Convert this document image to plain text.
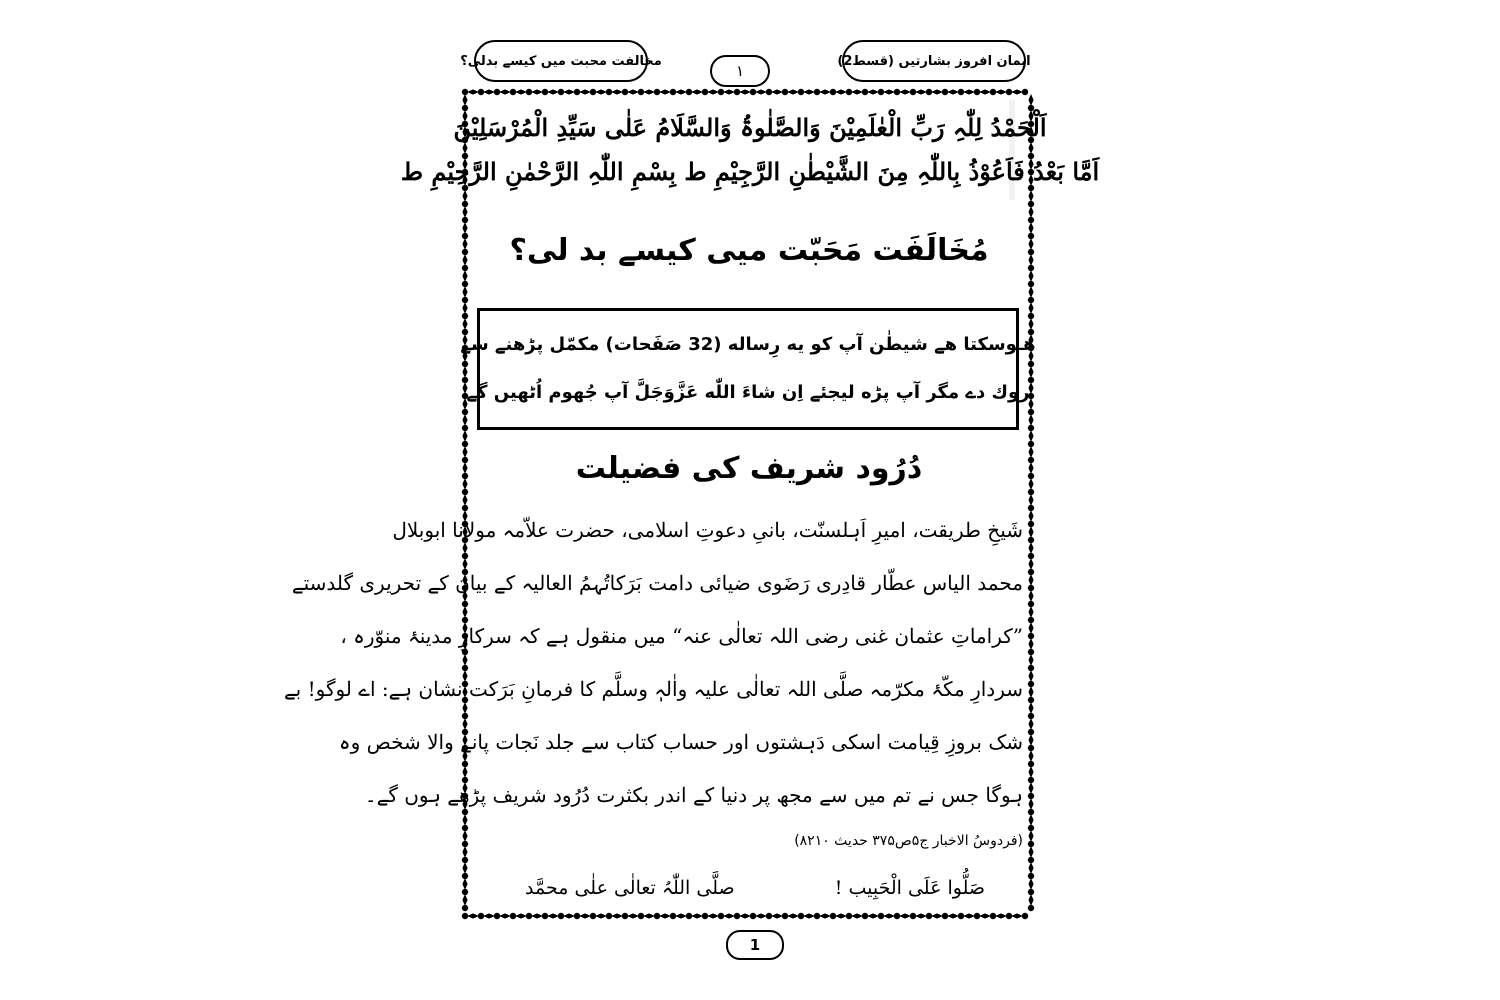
مخالفت محبت میں کیسے بدلی؟
۱
ایمان افروز بشارتیں (قسط2)
اَلْحَمْدُ لِلّٰہِ رَبِّ الْعٰلَمِیْنَ وَالصَّلٰوۃُ وَالسَّلَامُ عَلٰی سَیِّدِ الْمُرْسَلِیْنَ
اَمَّا بَعْدُ فَاَعُوْذُ بِاللّٰہِ مِنَ الشَّیْطٰنِ الرَّجِیْمِ ط بِسْمِ اللّٰہِ الرَّحْمٰنِ الرَّحِیْمِ ط
مُخَالَفَت مَحَبّت میی کیسے بد لی؟
هـوسکتا هے شیطٰن آپ کو یه رِساله (32 صَفَحات) مکمّل پڑهنے سے
روك دے مگر آپ پڑه لیجئے اِن شاءَ اللّٰه عَزَّوَجَلَّ آپ جُھوم اُٹھیں گے
دُرُود شریف کی فضیلت
شَیخِ طریقت، امیرِ اَہلسنّت، بانیِ دعوتِ اسلامی، حضرت علاّمہ مولانا ابوبلال
محمد الیاس عطّار قادِری رَضَوی ضیائی دامت بَرَکاتُہمُ العالیہ کے بیان کے تحریری گلدستے
”کراماتِ عثمان غنی رضی اللہ تعالٰی عنہ“ میں منقول ہے کہ سرکارِ مدینۂ منوّرہ ،
سردارِ مکّۂ مکرّمہ صلَّی اللہ تعالٰی علیہ واٰلہٖ وسلَّم کا فرمانِ بَرَکت نشان ہے: اے لوگو! بے
شک بروزِ قِیامت اسکی دَہشتوں اور حساب کتاب سے جلد نَجات پانے والا شخص وہ
ہوگا جس نے تم میں سے مجھ پر دنیا کے اندر بکثرت دُرُود شریف پڑھے ہوں گے۔
(فردوسُ الاخبار ج۵ص۳۷۵ حدیث ۸۲۱۰)
صَلُّوا عَلَی الْحَبِیب !
صلَّی اللّٰہُ تعالٰی علٰی محمَّد
1
